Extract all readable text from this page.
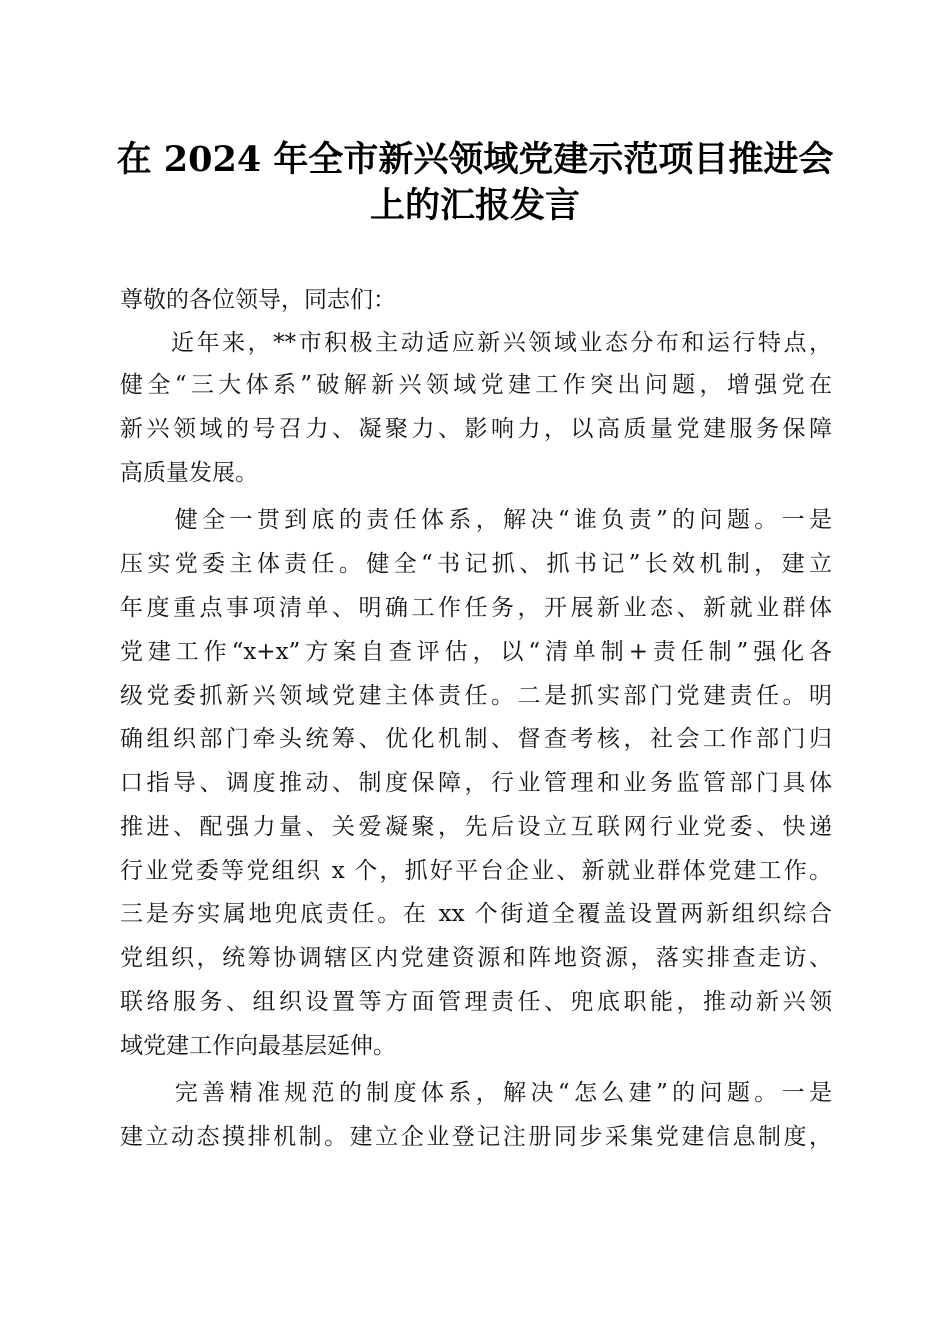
在 2024 年全市新兴领域党建示范项目推进会
上的汇报发言
尊敬的各位领导，同志们：
　　近年来，**市积极主动适应新兴领域业态分布和运行特点，
健全“三大体系”破解新兴领域党建工作突出问题，增强党在
新兴领域的号召力、凝聚力、影响力，以高质量党建服务保障
高质量发展。
　　健全一贯到底的责任体系，解决“谁负责”的问题。一是
压实党委主体责任。健全“书记抓、抓书记”长效机制，建立
年度重点事项清单、明确工作任务，开展新业态、新就业群体
党建工作“x+x”方案自查评估，以“清单制+责任制”强化各
级党委抓新兴领域党建主体责任。二是抓实部门党建责任。明
确组织部门牵头统筹、优化机制、督查考核，社会工作部门归
口指导、调度推动、制度保障，行业管理和业务监管部门具体
推进、配强力量、关爱凝聚，先后设立互联网行业党委、快递
行业党委等党组织 x 个，抓好平台企业、新就业群体党建工作。
三是夯实属地兜底责任。在 xx 个街道全覆盖设置两新组织综合
党组织，统筹协调辖区内党建资源和阵地资源，落实排查走访、
联络服务、组织设置等方面管理责任、兜底职能，推动新兴领
域党建工作向最基层延伸。
　　完善精准规范的制度体系，解决“怎么建”的问题。一是
建立动态摸排机制。建立企业登记注册同步采集党建信息制度，
